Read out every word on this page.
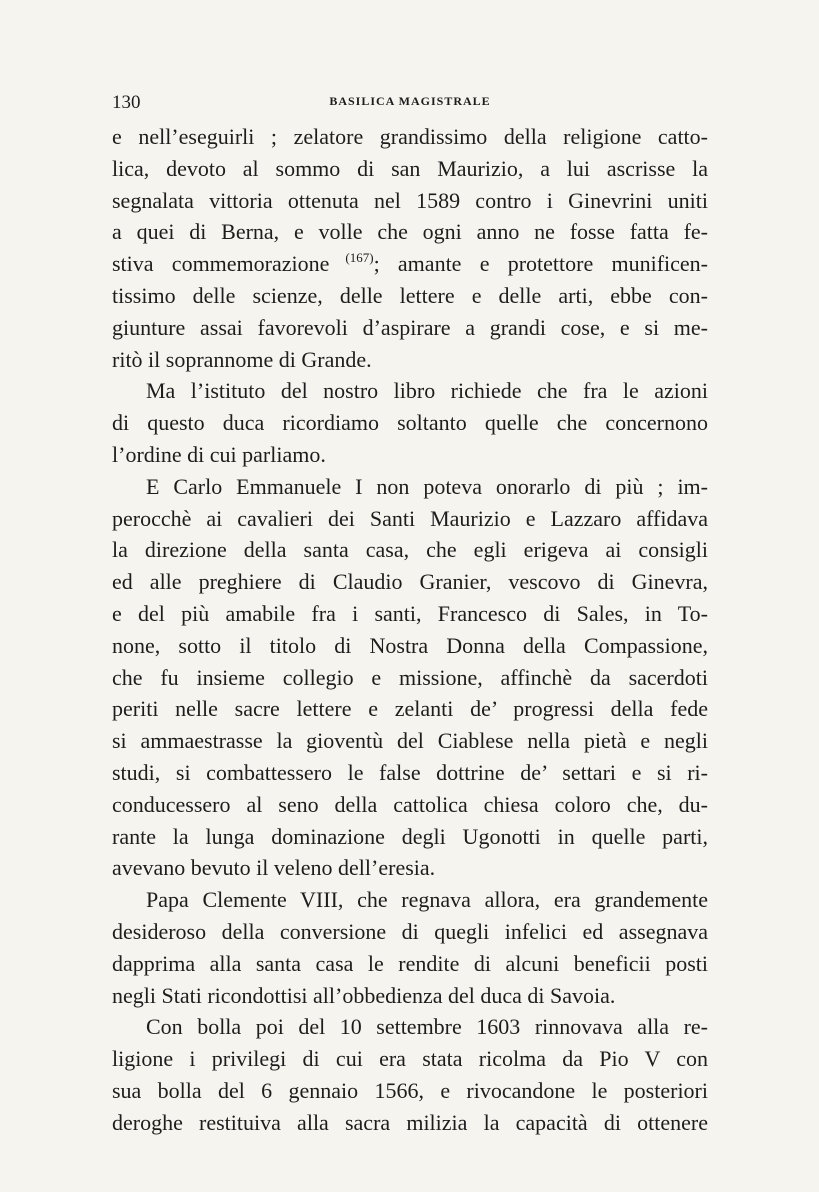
130	BASILICA MAGISTRALE
e nell’eseguirli ; zelatore grandissimo della religione catto-
lica, devoto al sommo di san Maurizio, a lui ascrisse la
segnalata vittoria ottenuta nel 1589 contro i Ginevrini uniti
a quei di Berna, e volle che ogni anno ne fosse fatta fe-
stiva commemorazione $^{(167)}$; amante e protettore munificen-
tissimo delle scienze, delle lettere e delle arti, ebbe con-
giunture assai favorevoli d’aspirare a grandi cose, e si me-
ritò il soprannome di Grande.
Ma l’istituto del nostro libro richiede che fra le azioni
di questo duca ricordiamo soltanto quelle che concernono
l’ordine di cui parliamo.
E Carlo Emmanuele I non poteva onorarlo di più ; im-
perocchè ai cavalieri dei Santi Maurizio e Lazzaro affidava
la direzione della santa casa, che egli erigeva ai consigli
ed alle preghiere di Claudio Granier, vescovo di Ginevra,
e del più amabile fra i santi, Francesco di Sales, in To-
none, sotto il titolo di Nostra Donna della Compassione,
che fu insieme collegio e missione, affinchè da sacerdoti
periti nelle sacre lettere e zelanti de’ progressi della fede
si ammaestrasse la gioventù del Ciablese nella pietà e negli
studi, si combattessero le false dottrine de’ settari e si ri-
conducessero al seno della cattolica chiesa coloro che, du-
rante la lunga dominazione degli Ugonotti in quelle parti,
avevano bevuto il veleno dell’eresia.
Papa Clemente VIII, che regnava allora, era grandemente
desideroso della conversione di quegli infelici ed assegnava
dapprima alla santa casa le rendite di alcuni beneficii posti
negli Stati ricondottisi all’obbedienza del duca di Savoia.
Con bolla poi del 10 settembre 1603 rinnovava alla re-
ligione i privilegi di cui era stata ricolma da Pio V con
sua bolla del 6 gennaio 1566, e rivocandone le posteriori
deroghe restituiva alla sacra milizia la capacità di ottenere
